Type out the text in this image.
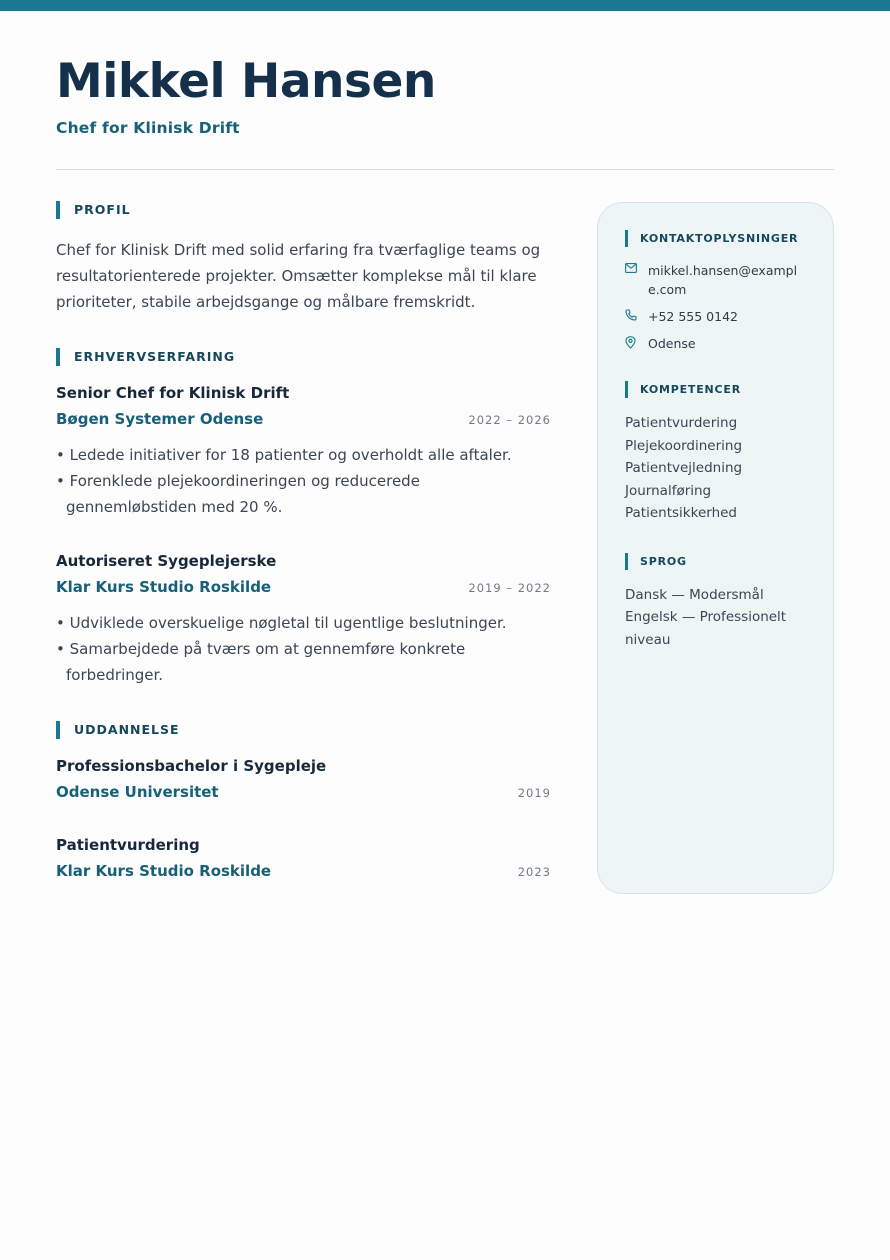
Mikkel Hansen
Chef for Klinisk Drift
PROFIL

Chef for Klinisk Drift med solid erfaring fra tværfaglige teams og resultatorienterede projekter. Omsætter komplekse mål til klare prioriteter, stabile arbejdsgange og målbare fremskridt.

ERHVERVSERFARING
Senior Chef for Klinisk Drift
Bøgen Systemer Odense	2022 – 2026
• Ledede initiativer for 18 patienter og overholdt alle aftaler.
• Forenklede plejekoordineringen og reducerede gennemløbstiden med 20 %.
Autoriseret Sygeplejerske
Klar Kurs Studio Roskilde	2019 – 2022
• Udviklede overskuelige nøgletal til ugentlige beslutninger.
• Samarbejdede på tværs om at gennemføre konkrete forbedringer.
UDDANNELSE
Professionsbachelor i Sygepleje
Odense Universitet	2019
Patientvurdering
Klar Kurs Studio Roskilde	2023
KONTAKTOPLYSNINGER
mikkel.hansen@example.com
+52 555 0142
Odense
KOMPETENCER
Patientvurdering
Plejekoordinering
Patientvejledning
Journalføring
Patientsikkerhed
SPROG
Dansk — Modersmål
Engelsk — Professionelt niveau
